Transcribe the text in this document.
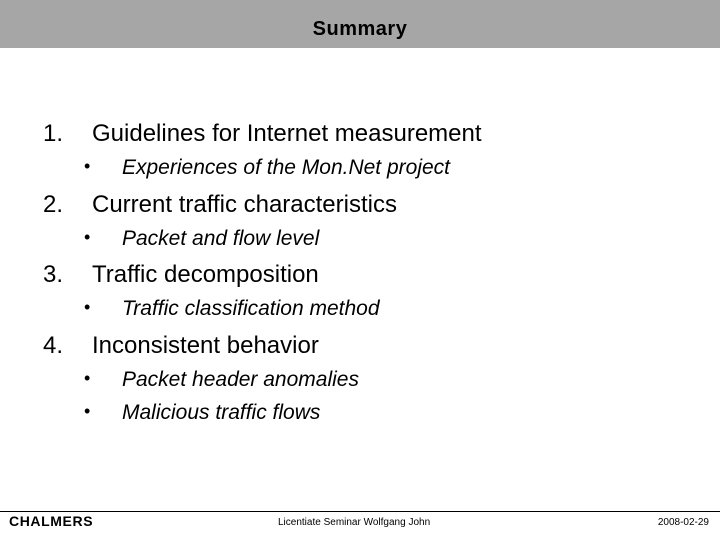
Summary
1. Guidelines for Internet measurement
• Experiences of the Mon.Net project
2. Current traffic characteristics
• Packet and flow level
3. Traffic decomposition
• Traffic classification method
4. Inconsistent behavior
• Packet header anomalies
• Malicious traffic flows
CHALMERS	Licentiate Seminar Wolfgang John	2008-02-29
